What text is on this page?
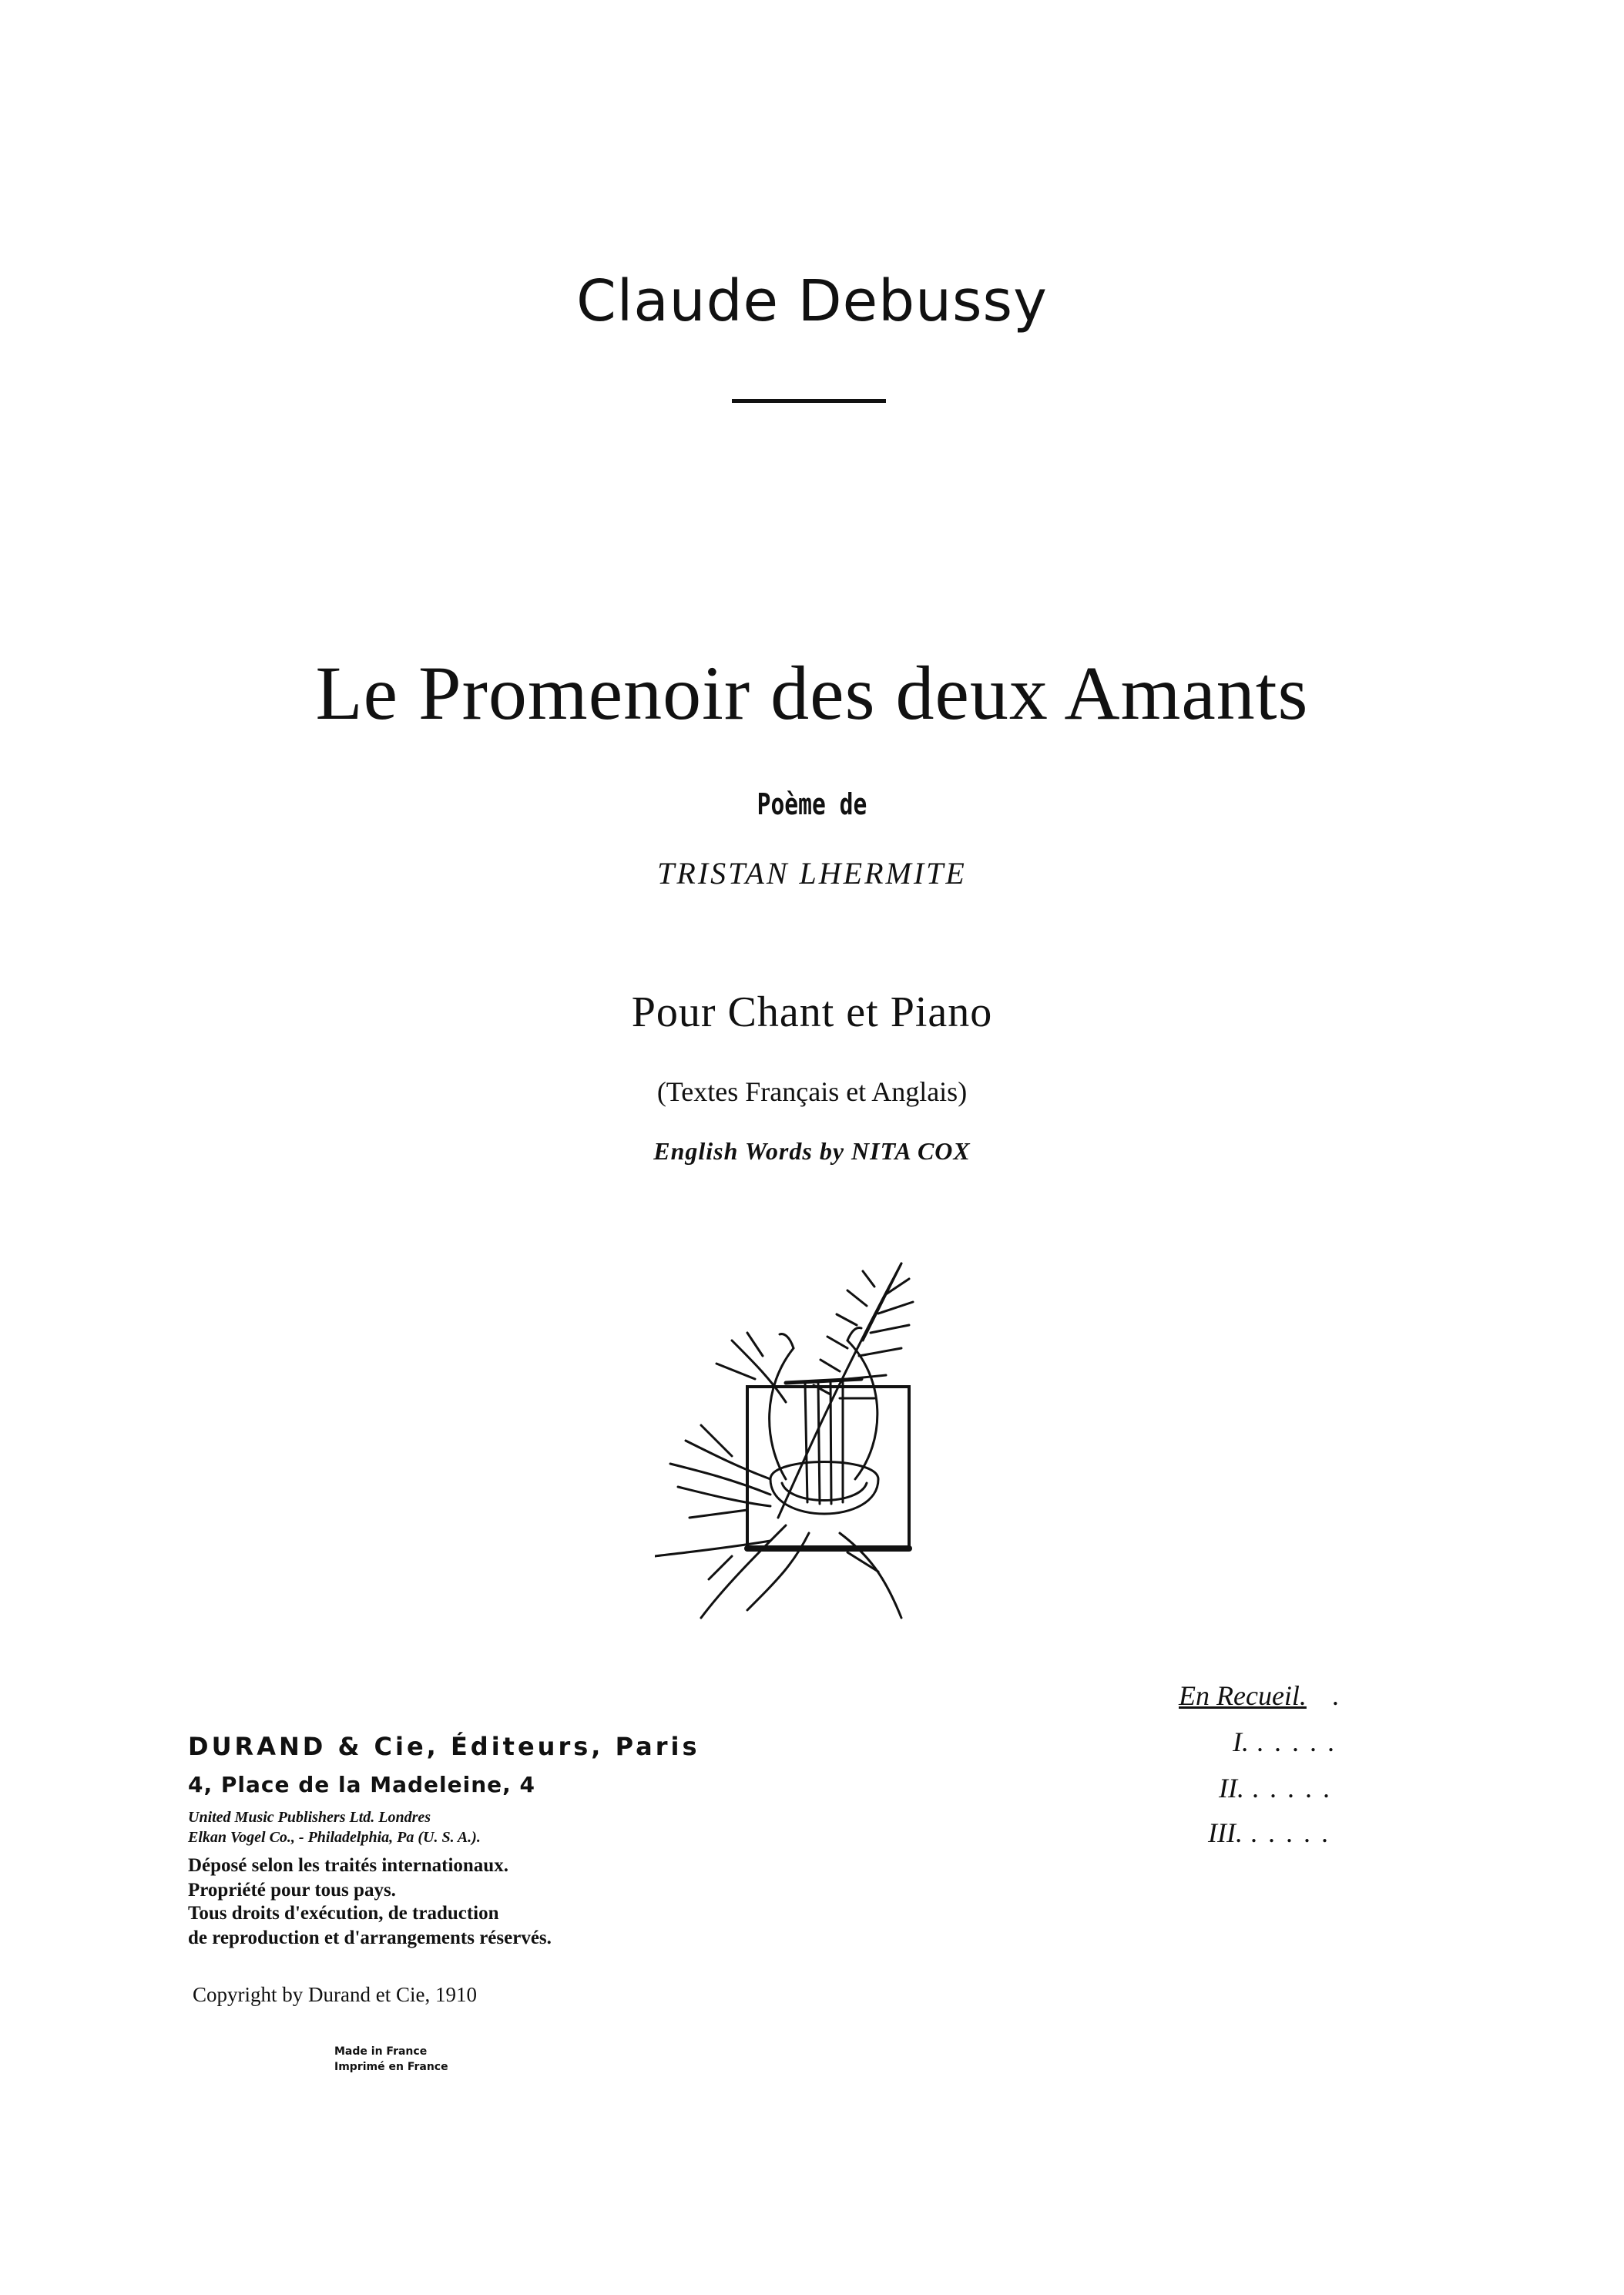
Claude Debussy
Le Promenoir des deux Amants
Poème de
TRISTAN LHERMITE
Pour Chant et Piano
(Textes Français et Anglais)
English Words by NITA COX
DURAND & Cie, Éditeurs, Paris
4, Place de la Madeleine, 4
United Music Publishers Ltd. Londres
Elkan Vogel Co., - Philadelphia, Pa (U. S. A.).
Déposé selon les traités internationaux.
Propriété pour tous pays.
Tous droits d'exécution, de traduction
de reproduction et d'arrangements réservés.
Copyright by Durand et Cie, 1910
Made in France
Imprimé en France
En Recueil. .
I. .....
II. .....
III. .....
